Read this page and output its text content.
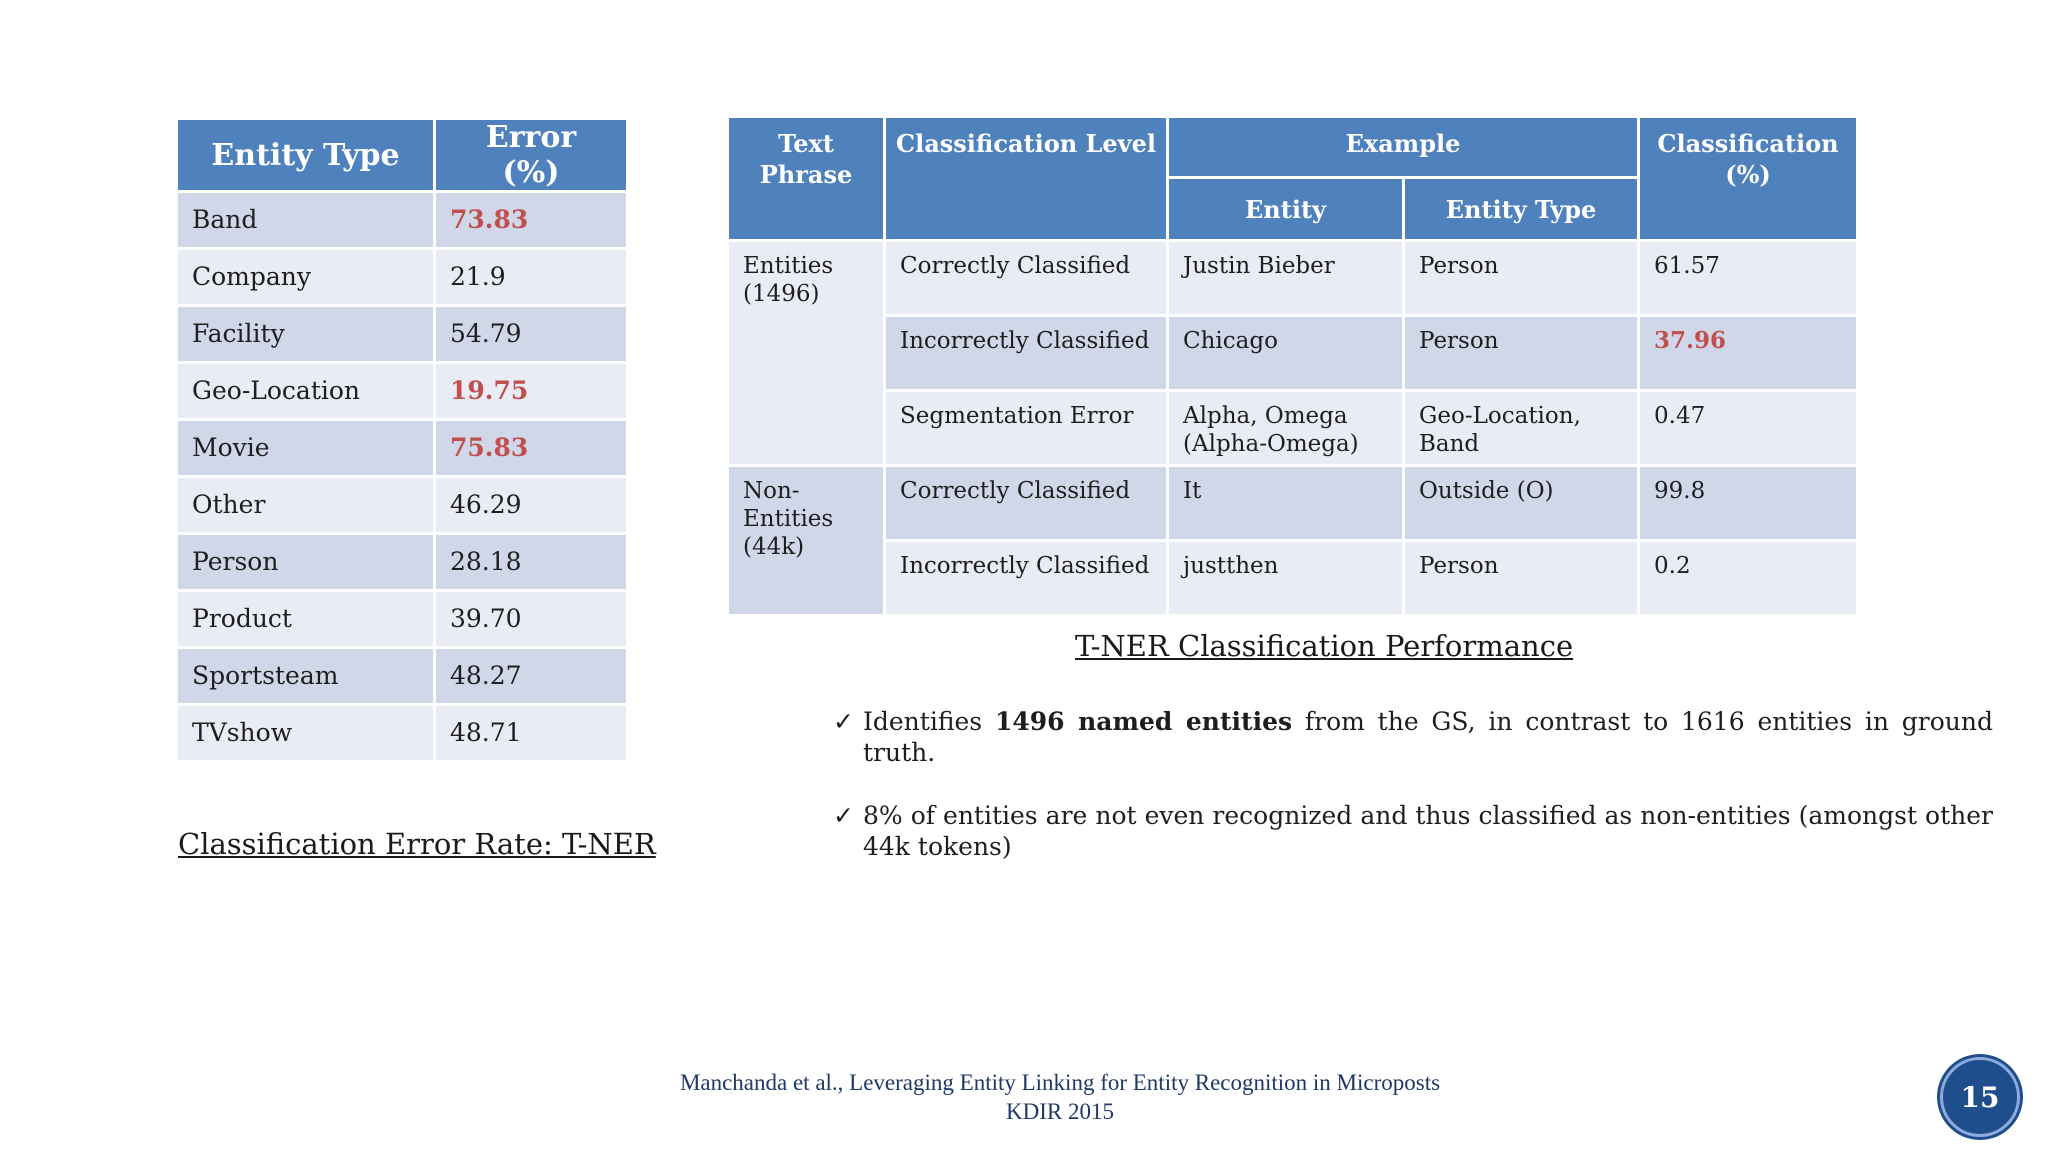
Entity Type	Error (%)
Band	73.83
Company	21.9
Facility	54.79
Geo-Location	19.75
Movie	75.83
Other	46.29
Person	28.18
Product	39.70
Sportsteam	48.27
TVshow	48.71
Classification Error Rate: T-NER
Text Phrase	Classification Level	Example		Classification (%)
		Entity	Entity Type	
Entities (1496)	Correctly Classified	Justin Bieber	Person	61.57
	Incorrectly Classified	Chicago	Person	37.96
	Segmentation Error	Alpha, Omega (Alpha-Omega)	Geo-Location, Band	0.47
Non-Entities (44k)	Correctly Classified	It	Outside (O)	99.8
	Incorrectly Classified	justthen	Person	0.2
T-NER Classification Performance
✓ Identifies 1496 named entities from the GS, in contrast to 1616 entities in ground truth.
✓ 8% of entities are not even recognized and thus classified as non-entities (amongst other 44k tokens)
Manchanda et al., Leveraging Entity Linking for Entity Recognition in Microposts
KDIR 2015	15
